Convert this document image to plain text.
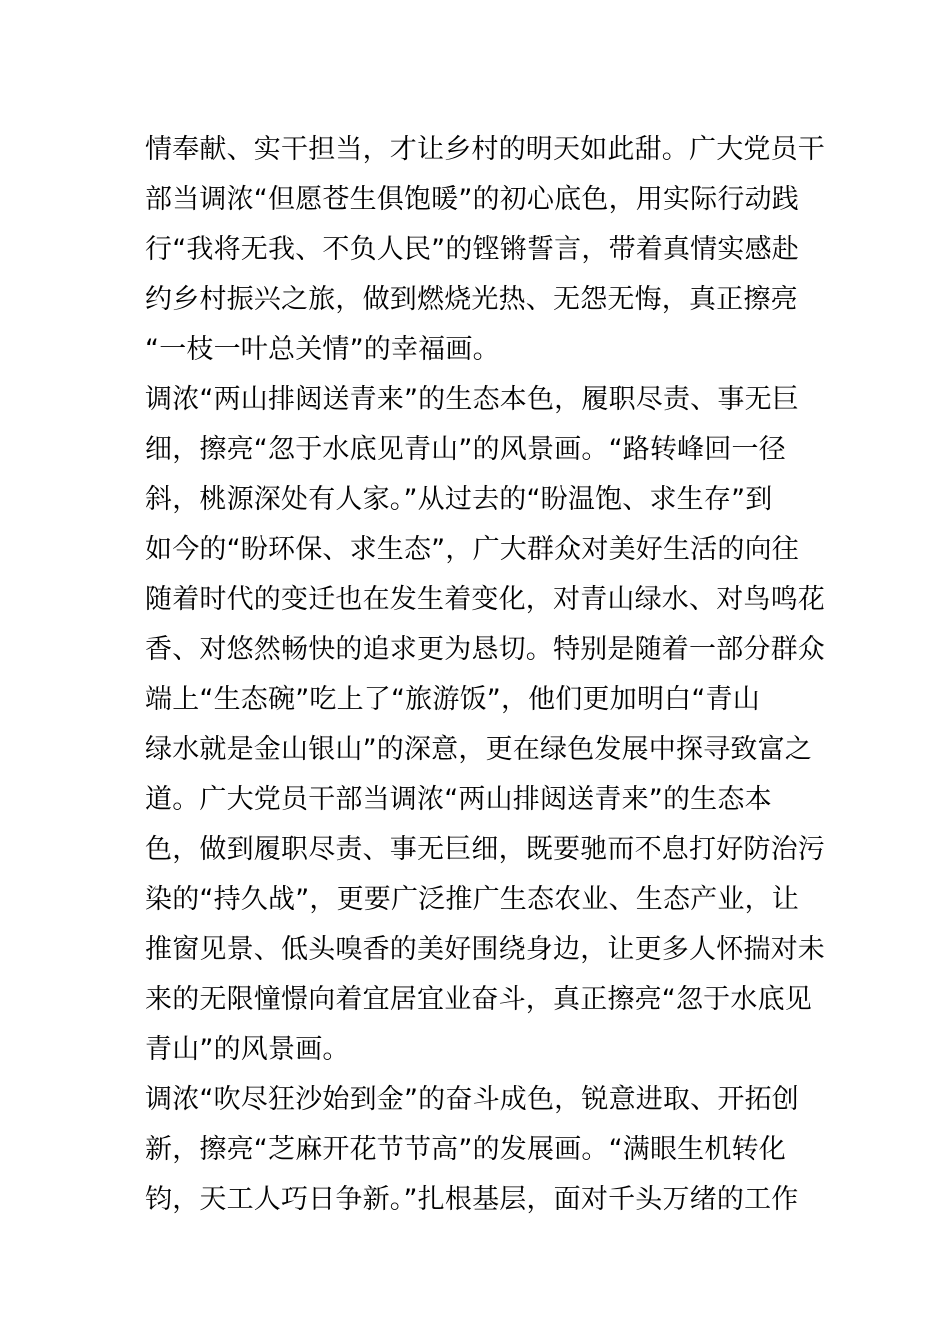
情奉献、实干担当，才让乡村的明天如此甜。广大党员干
部当调浓“但愿苍生俱饱暖”的初心底色，用实际行动践
行“我将无我、不负人民”的铿锵誓言，带着真情实感赴
约乡村振兴之旅，做到燃烧光热、无怨无悔，真正擦亮
“一枝一叶总关情”的幸福画。
调浓“两山排闼送青来”的生态本色，履职尽责、事无巨
细，擦亮“忽于水底见青山”的风景画。“路转峰回一径
斜，桃源深处有人家。”从过去的“盼温饱、求生存”到
如今的“盼环保、求生态”，广大群众对美好生活的向往
随着时代的变迁也在发生着变化，对青山绿水、对鸟鸣花
香、对悠然畅快的追求更为恳切。特别是随着一部分群众
端上“生态碗”吃上了“旅游饭”，他们更加明白“青山
绿水就是金山银山”的深意，更在绿色发展中探寻致富之
道。广大党员干部当调浓“两山排闼送青来”的生态本
色，做到履职尽责、事无巨细，既要驰而不息打好防治污
染的“持久战”，更要广泛推广生态农业、生态产业，让
推窗见景、低头嗅香的美好围绕身边，让更多人怀揣对未
来的无限憧憬向着宜居宜业奋斗，真正擦亮“忽于水底见
青山”的风景画。
调浓“吹尽狂沙始到金”的奋斗成色，锐意进取、开拓创
新，擦亮“芝麻开花节节高”的发展画。“满眼生机转化
钧，天工人巧日争新。”扎根基层，面对千头万绪的工作
